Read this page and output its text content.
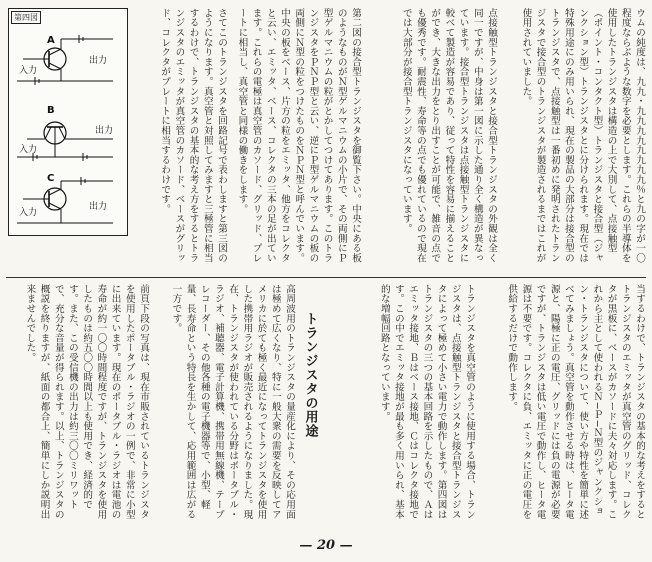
A
入力
出力
B
入力
出力
C
入力
出力
第四図	さてこのトランジスタを回路記号で表わしますと第三図のようになります。真空管と対照してみますと三極管に相当するわけで、トランジスタの基本的な考え方をするとトランジスタのエミッタが真空管のカソード、ベースがグリッド、コレクタがプレートに相当するわけです。	第二図の接合型トランジスタを御覧下さい。中央にある板のようなものがＮ型ゲルマニウムの小片で、その両側にＰ型ゲルマニウムの粒がとかしてつけてあります。このトランジスタをＰＮＰ型と云い、逆にＰ型ゲルマニウムの板の両側にＮ型の粒をつけたものをＮＰＮ型と呼んでいます。中央の板をベース、片方の粒をエミッタ、他方をコレクタと云い、エミッタ、ベース、コレクタの三本の足が出ています。これらの電極は真空管のカソード、グリッド、プレートに相当し、真空管と同様の働きをします。	点接触型トランジスタと接合型トランジスタの外観は全く同一ですが、中身は第一図に示した通り全く構造が異なっています。接合型トランジスタは点接触型トランジスタに較べて製造が容易であり、従って特性を容易に揃えることができ、大きな出力をとり出すことが可能で、雑音の点でも優秀です。耐震性、寿命等の点でも優れているので現在では大部分が接合型トランジスタになっています。	ウムの純度は、九九・九九九九九九九九％と九の字が一〇程度ならぶような数字を必要とします。これらの半導体を使用したトランジスタは構造の上で大別して、点接触型（ポイント・コンタクト型）トランジスタと接合型（ジャンクション型）トランジスタとに分けられます。現在では特殊用途にのみ用いられ、現在の製品の大部分は接合型のトランジスタで、点接触型は一番初めに発明されたトランジスタで接合型のトランジスタが製造されるまではこれが使用されていました。

前頁下段の写真は、現在市販されているトランジスタを使用したポータブル・ラジオの一例で、非常に小型に出来ています。現在のポータブル・ラジオは電池の寿命が約一〇〇時間程度ですが、トランジスタを使用したものは約五〇〇時間以上も使用でき、経済的です。また、この受信機の出力は約三〇〇ミリワットで、充分な音量が得られます。以上、トランジスタの概説を終りますが、紙面の都合上、簡単にしか説明出来ませんでした。	高周波用のトランジスタの量産化により、その応用面は極めて広くなり、特に一般大衆の需要を反映してアメリカに於ても極く最近になってトランジスタを使用した携帯用ラジオが販売されるようになりました。現在、トランジスタが使われている分野はボータブル・ラジオ、補聴器、電子計算機、携帯用無線機、テープレコーダー、その他各種の電子機器等で、小型、軽量、長寿命という特長を生かして、応用範囲は広がる一方です。

トランジスタの用途	トランジスタを真空管のように使用する場合、トランジスタは、点接触型トランジスタと接合型トランジスタによって極めて小さい電力で動作します。第四図はトランジスタの三つの基本回路を示したもので、Ａはエミッタ接地、Ｂはベース接地、Ｃはコレクタ接地です。この中でエミッタ接地が最も多く用いられ、基本的な増幅回路となっています。	当するわけで、トランジスタの基本的な考えをするとトランジスタのエミッタが真空管のグリッド、コレクタが黒板に、ベースがカソードに夫々対応します。これから主として使われるＮ−Ｐ−Ｎ型のジャンクション・トランジスタについて、使い方や特性を簡単に述べてみましょう。真空管を動作させる時は、ヒータ電源と、陽極に正の電圧、グリッドには負の電源が必要ですが、トランジスタは低い電圧で動作し、ヒータ電源は不要です。コレクタに負、エミッタに正の電圧を供給するだけで動作します。

— 20 —
